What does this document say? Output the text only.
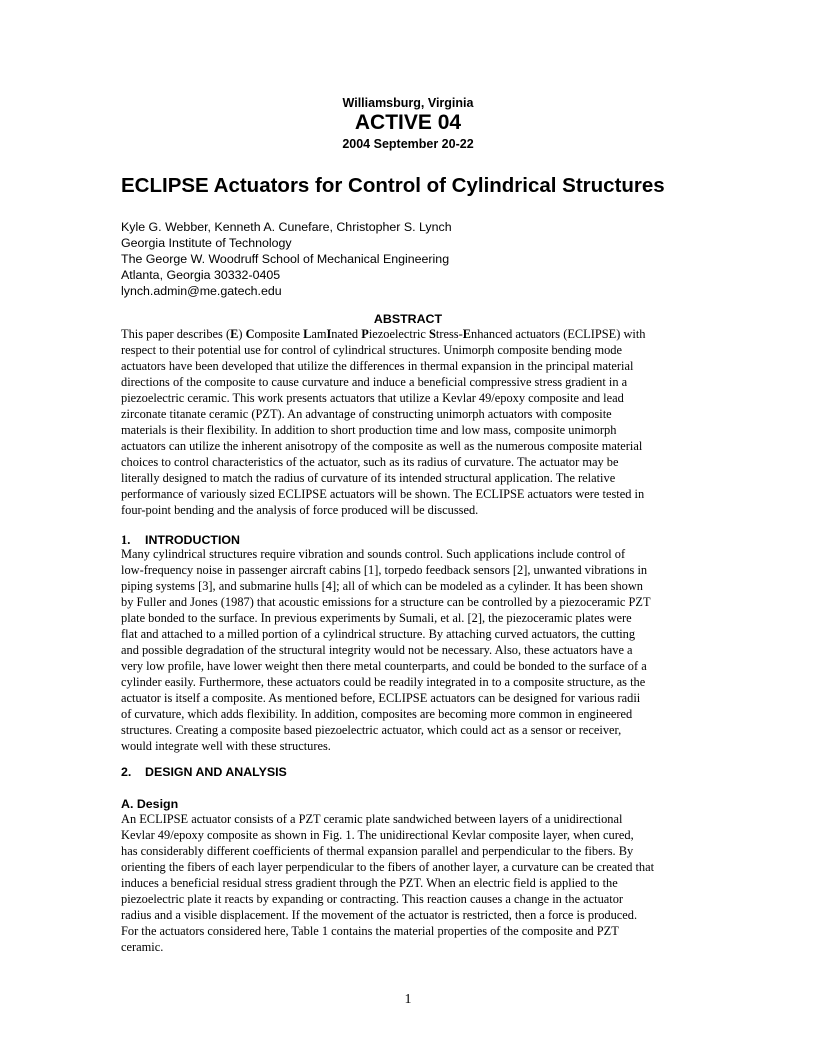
Williamsburg, Virginia
ACTIVE 04
2004 September 20-22
ECLIPSE Actuators for Control of Cylindrical Structures
Kyle G. Webber, Kenneth A. Cunefare, Christopher S. Lynch
Georgia Institute of Technology
The George W. Woodruff School of Mechanical Engineering
Atlanta, Georgia 30332-0405
lynch.admin@me.gatech.edu
ABSTRACT
This paper describes (E) Composite LamInated Piezoelectric Stress-Enhanced actuators (ECLIPSE) with
respect to their potential use for control of cylindrical structures. Unimorph composite bending mode
actuators have been developed that utilize the differences in thermal expansion in the principal material
directions of the composite to cause curvature and induce a beneficial compressive stress gradient in a
piezoelectric ceramic. This work presents actuators that utilize a Kevlar 49/epoxy composite and lead
zirconate titanate ceramic (PZT). An advantage of constructing unimorph actuators with composite
materials is their flexibility. In addition to short production time and low mass, composite unimorph
actuators can utilize the inherent anisotropy of the composite as well as the numerous composite material
choices to control characteristics of the actuator, such as its radius of curvature. The actuator may be
literally designed to match the radius of curvature of its intended structural application. The relative
performance of variously sized ECLIPSE actuators will be shown. The ECLIPSE actuators were tested in
four-point bending and the analysis of force produced will be discussed.
1. INTRODUCTION
Many cylindrical structures require vibration and sounds control. Such applications include control of
low-frequency noise in passenger aircraft cabins [1], torpedo feedback sensors [2], unwanted vibrations in
piping systems [3], and submarine hulls [4]; all of which can be modeled as a cylinder. It has been shown
by Fuller and Jones (1987) that acoustic emissions for a structure can be controlled by a piezoceramic PZT
plate bonded to the surface. In previous experiments by Sumali, et al. [2], the piezoceramic plates were
flat and attached to a milled portion of a cylindrical structure. By attaching curved actuators, the cutting
and possible degradation of the structural integrity would not be necessary. Also, these actuators have a
very low profile, have lower weight then there metal counterparts, and could be bonded to the surface of a
cylinder easily. Furthermore, these actuators could be readily integrated in to a composite structure, as the
actuator is itself a composite. As mentioned before, ECLIPSE actuators can be designed for various radii
of curvature, which adds flexibility. In addition, composites are becoming more common in engineered
structures. Creating a composite based piezoelectric actuator, which could act as a sensor or receiver,
would integrate well with these structures.
2. DESIGN AND ANALYSIS
A. Design
An ECLIPSE actuator consists of a PZT ceramic plate sandwiched between layers of a unidirectional
Kevlar 49/epoxy composite as shown in Fig. 1. The unidirectional Kevlar composite layer, when cured,
has considerably different coefficients of thermal expansion parallel and perpendicular to the fibers. By
orienting the fibers of each layer perpendicular to the fibers of another layer, a curvature can be created that
induces a beneficial residual stress gradient through the PZT. When an electric field is applied to the
piezoelectric plate it reacts by expanding or contracting. This reaction causes a change in the actuator
radius and a visible displacement. If the movement of the actuator is restricted, then a force is produced.
For the actuators considered here, Table 1 contains the material properties of the composite and PZT
ceramic.
1
